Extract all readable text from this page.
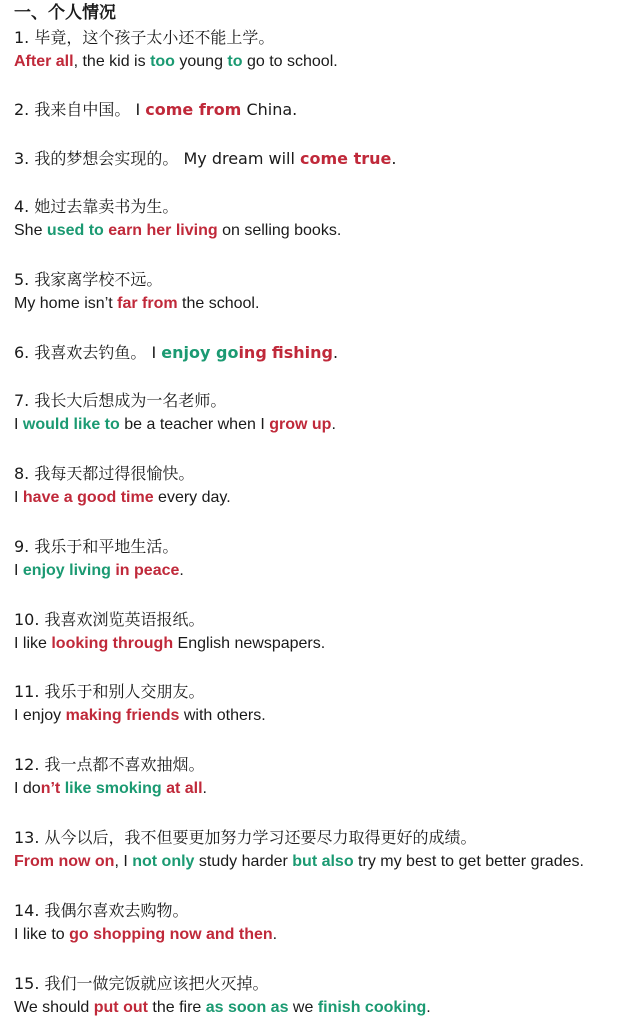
一、个人情况
1. 毕竟，这个孩子太小还不能上学。
After all, the kid is too young to go to school.
2. 我来自中国。 I come from China.
3. 我的梦想会实现的。 My dream will come true.
4. 她过去靠卖书为生。
She used to earn her living on selling books.
5. 我家离学校不远。
My home isn’t far from the school.
6. 我喜欢去钓鱼。 I enjoy going fishing.
7. 我长大后想成为一名老师。
I would like to be a teacher when I grow up.
8. 我每天都过得很愉快。
I have a good time every day.
9. 我乐于和平地生活。
I enjoy living in peace.
10. 我喜欢浏览英语报纸。
I like looking through English newspapers.
11. 我乐于和别人交朋友。
I enjoy making friends with others.
12. 我一点都不喜欢抽烟。
I don’t like smoking at all.
13. 从今以后，我不但要更加努力学习还要尽力取得更好的成绩。
From now on, I not only study harder but also try my best to get better grades.
14. 我偶尔喜欢去购物。
I like to go shopping now and then.
15. 我们一做完饭就应该把火灭掉。
We should put out the fire as soon as we finish cooking.
